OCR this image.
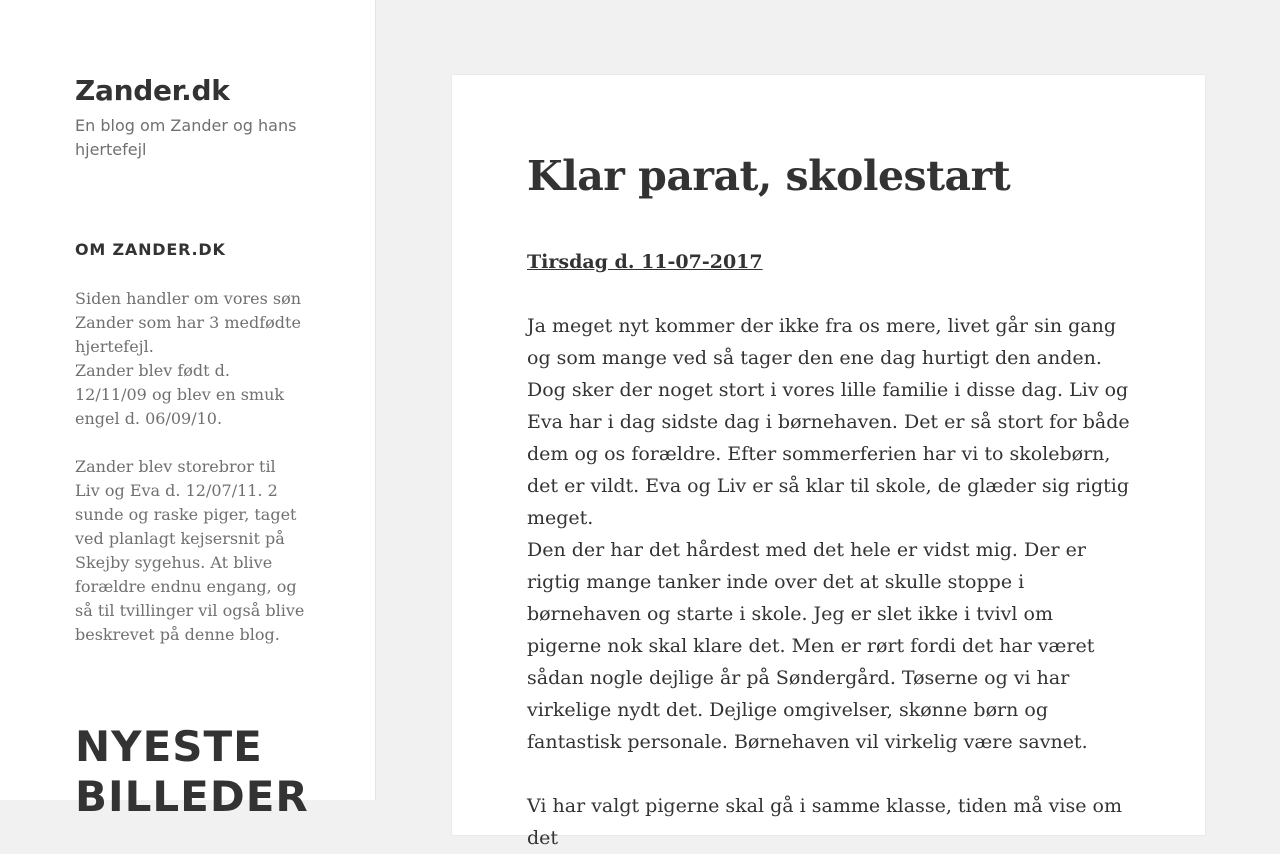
Zander.dk

En blog om Zander og hans hjertefejl

OM ZANDER.DK

Siden handler om vores søn Zander som har 3 medfødte hjertefejl.
Zander blev født d. 12/11/09 og blev en smuk engel d. 06/09/10.

Zander blev storebror til Liv og Eva d. 12/07/11. 2 sunde og raske piger, taget ved planlagt kejsersnit på Skejby sygehus. At blive forældre endnu engang, og så til tvillinger vil også blive beskrevet på denne blog.

NYESTE BILLEDER
Klar parat, skolestart

Tirsdag d. 11-07-2017

Ja meget nyt kommer der ikke fra os mere, livet går sin gang og som mange ved så tager den ene dag hurtigt den anden. Dog sker der noget stort i vores lille familie i disse dag. Liv og Eva har i dag sidste dag i børnehaven. Det er så stort for både dem og os forældre. Efter sommerferien har vi to skolebørn, det er vildt. Eva og Liv er så klar til skole, de glæder sig rigtig meget.
Den der har det hårdest med det hele er vidst mig. Der er rigtig mange tanker inde over det at skulle stoppe i børnehaven og starte i skole. Jeg er slet ikke i tvivl om pigerne nok skal klare det. Men er rørt fordi det har været sådan nogle dejlige år på Søndergård. Tøserne og vi har virkelige nydt det. Dejlige omgivelser, skønne børn og fantastisk personale. Børnehaven vil virkelig være savnet.

Vi har valgt pigerne skal gå i samme klasse, tiden må vise om det
